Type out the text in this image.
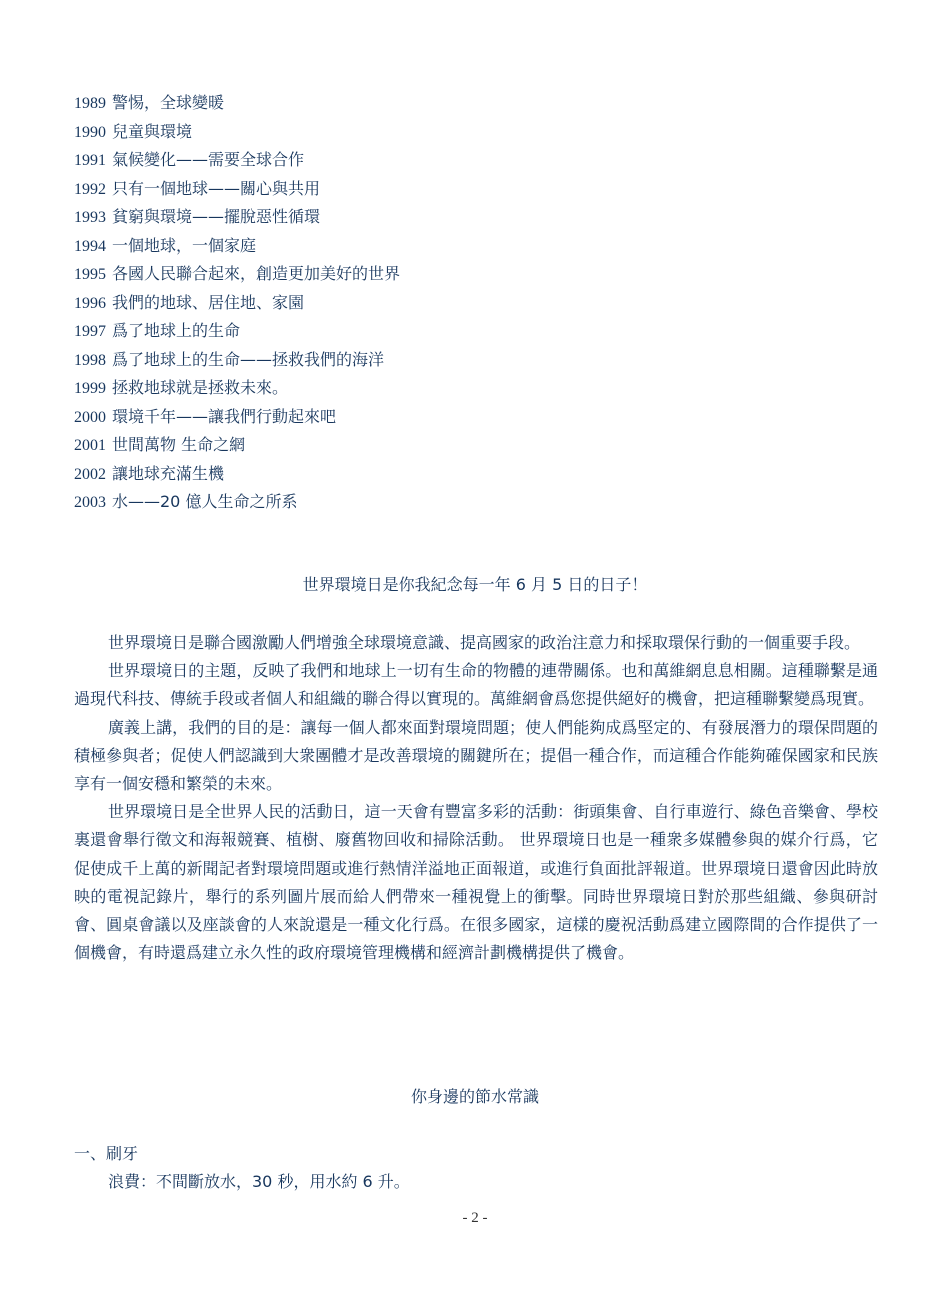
1989 警惕，全球變暖
1990 兒童與環境
1991 氣候變化——需要全球合作
1992 只有一個地球——關心與共用
1993 貧窮與環境——擺脫惡性循環
1994 一個地球，一個家庭
1995 各國人民聯合起來，創造更加美好的世界
1996 我們的地球、居住地、家園
1997 爲了地球上的生命
1998 爲了地球上的生命——拯救我們的海洋
1999 拯救地球就是拯救未來。
2000 環境千年——讓我們行動起來吧
2001 世間萬物 生命之網
2002 讓地球充滿生機
2003 水——20 億人生命之所系
世界環境日是你我紀念每一年 6 月 5 日的日子！

世界環境日是聯合國激勵人們增強全球環境意識、提高國家的政治注意力和採取環保行動的一個重要手段。

世界環境日的主題，反映了我們和地球上一切有生命的物體的連帶關係。也和萬維網息息相關。這種聯繫是通過現代科技、傳統手段或者個人和組織的聯合得以實現的。萬維網會爲您提供絕好的機會，把這種聯繫變爲現實。

廣義上講，我們的目的是：讓每一個人都來面對環境問題；使人們能夠成爲堅定的、有發展潛力的環保問題的積極參與者；促使人們認識到大衆團體才是改善環境的關鍵所在；提倡一種合作，而這種合作能夠確保國家和民族享有一個安穩和繁榮的未來。

世界環境日是全世界人民的活動日，這一天會有豐富多彩的活動：街頭集會、自行車遊行、綠色音樂會、學校裏還會舉行徵文和海報競賽、植樹、廢舊物回收和掃除活動。 世界環境日也是一種衆多媒體參與的媒介行爲，它促使成千上萬的新聞記者對環境問題或進行熱情洋溢地正面報道，或進行負面批評報道。世界環境日還會因此時放映的電視記錄片，舉行的系列圖片展而給人們帶來一種視覺上的衝擊。同時世界環境日對於那些組織、參與研討會、圓桌會議以及座談會的人來說還是一種文化行爲。在很多國家，這樣的慶祝活動爲建立國際間的合作提供了一個機會，有時還爲建立永久性的政府環境管理機構和經濟計劃機構提供了機會。

你身邊的節水常識
一、刷牙
浪費：不間斷放水，30 秒，用水約 6 升。
- 2 -
